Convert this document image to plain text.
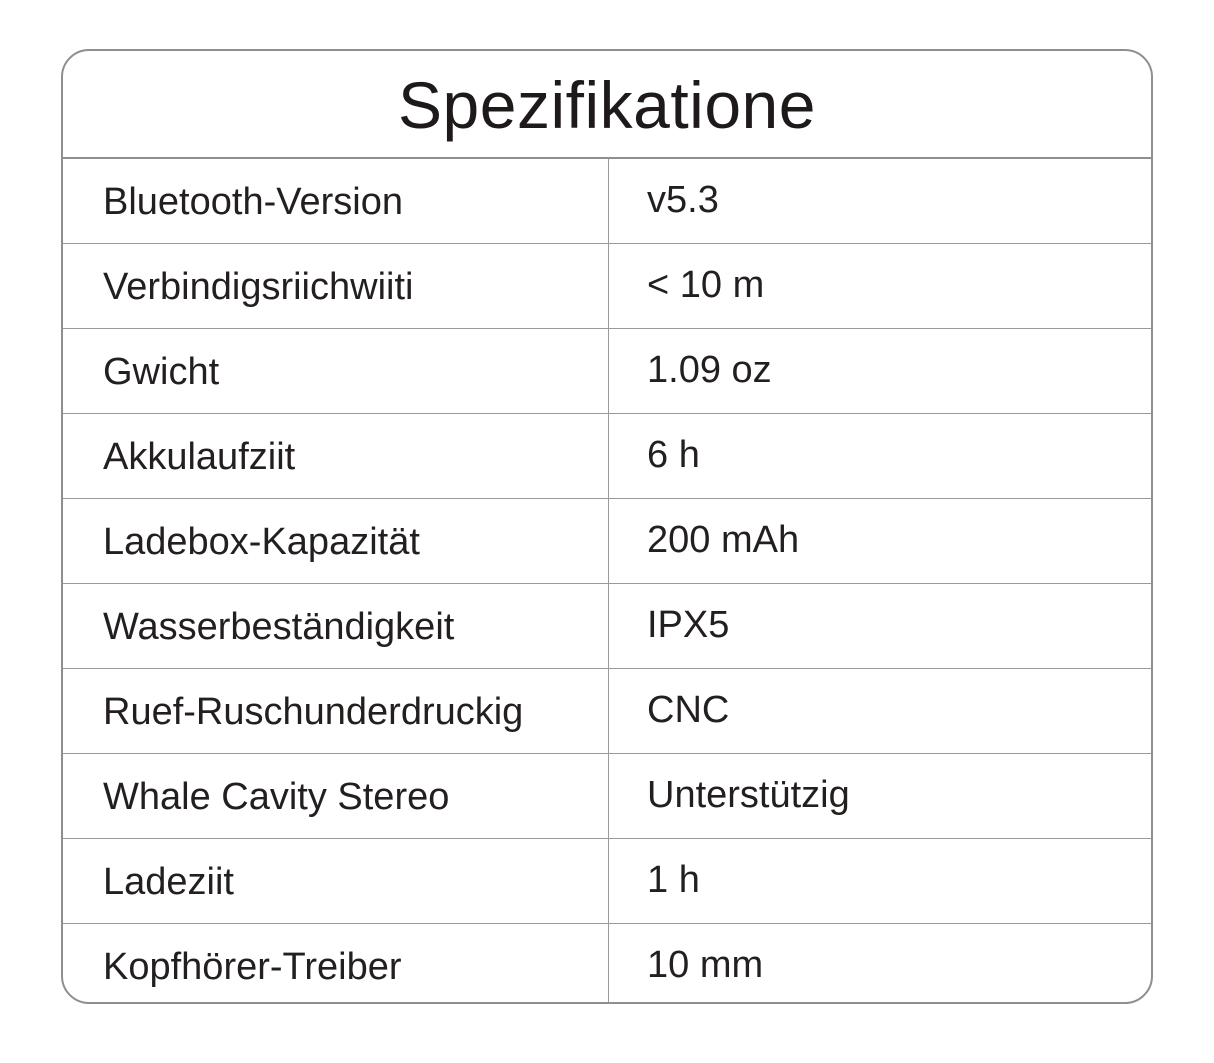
Spezifikatione
Bluetooth-Version	v5.3
Verbindigsriichwiiti	< 10 m
Gwicht	1.09 oz
Akkulaufziit	6 h
Ladebox-Kapazität	200 mAh
Wasserbeständigkeit	IPX5
Ruef-Ruschunderdruckig	CNC
Whale Cavity Stereo	Unterstützig
Ladeziit	1 h
Kopfhörer-Treiber	10 mm
